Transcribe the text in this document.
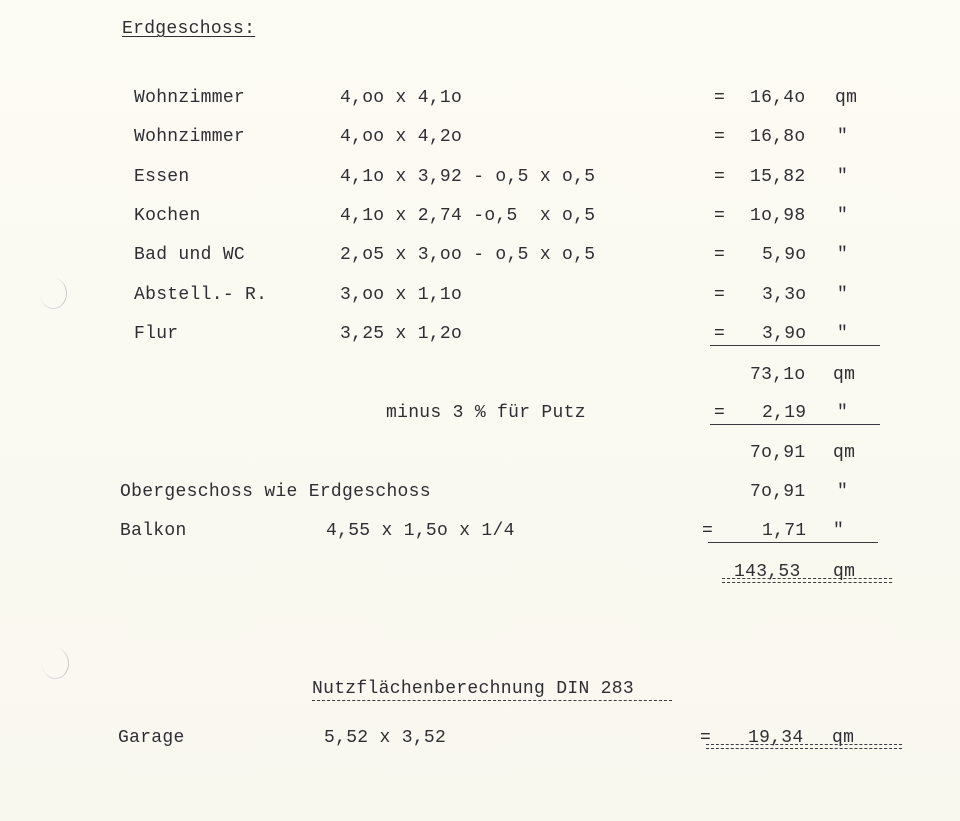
Erdgeschoss:
Wohnzimmer	4,oo x 4,1o	= 16,4o qm
Wohnzimmer	4,oo x 4,2o	= 16,8o "
Essen	4,1o x 3,92 - o,5 x o,5	= 15,82 "
Kochen	4,1o x 2,74 -o,5  x o,5	= 1o,98 "
Bad und WC	2,o5 x 3,oo - o,5 x o,5	= 5,9o "
Abstell.- R.	3,oo x 1,1o	= 3,3o "
Flur	3,25 x 1,2o	= 3,9o "
73,1o qm
minus 3 % für Putz	= 2,19 "
7o,91 qm
Obergeschoss wie Erdgeschoss	7o,91 "
Balkon	4,55 x 1,5o x 1/4	=	1,71 "
143,53 qm
Nutzflächenberechnung DIN 283
Garage	5,52 x 3,52	= 19,34 qm
